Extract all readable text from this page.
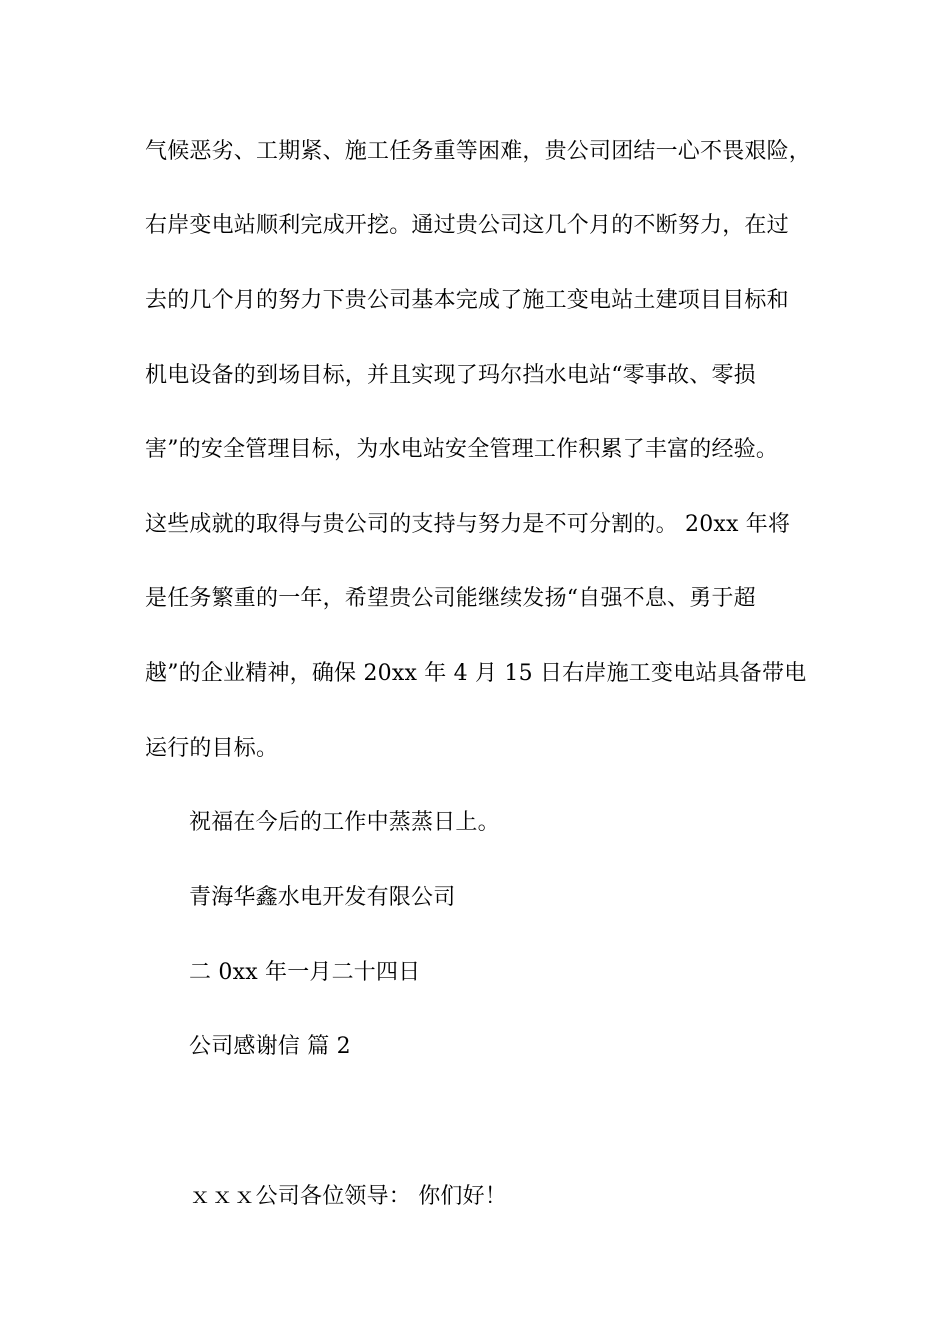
气候恶劣、工期紧、施工任务重等困难，贵公司团结一心不畏艰险，
右岸变电站顺利完成开挖。通过贵公司这几个月的不断努力，在过
去的几个月的努力下贵公司基本完成了施工变电站土建项目目标和
机电设备的到场目标，并且实现了玛尔挡水电站“零事故、零损
害”的安全管理目标，为水电站安全管理工作积累了丰富的经验。
这些成就的取得与贵公司的支持与努力是不可分割的。 20xx 年将
是任务繁重的一年，希望贵公司能继续发扬“自强不息、勇于超
越”的企业精神，确保 20xx 年 4 月 15 日右岸施工变电站具备带电
运行的目标。
祝福在今后的工作中蒸蒸日上。
青海华鑫水电开发有限公司
二 0xx 年一月二十四日
公司感谢信 篇 2
ｘｘｘ公司各位领导： 你们好！
